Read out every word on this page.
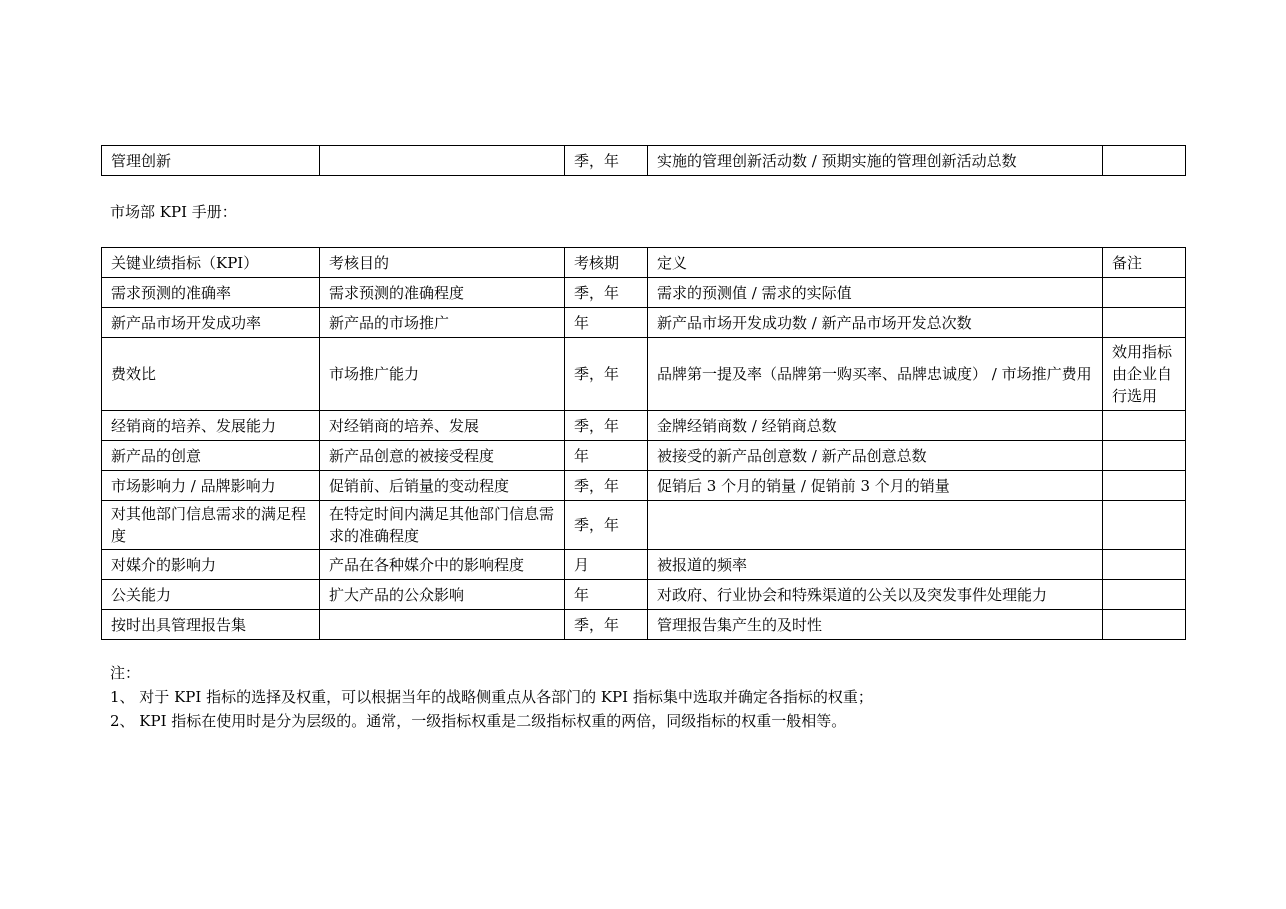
管理创新		季，年	实施的管理创新活动数 / 预期实施的管理创新活动总数	
市场部 KPI 手册：
关键业绩指标（KPI）	考核目的	考核期	定义	备注
需求预测的准确率	需求预测的准确程度	季，年	需求的预测值 / 需求的实际值	
新产品市场开发成功率	新产品的市场推广	年	新产品市场开发成功数 / 新产品市场开发总次数	
费效比	市场推广能力	季，年	品牌第一提及率（品牌第一购买率、品牌忠诚度） / 市场推广费用	效用指标由企业自行选用
经销商的培养、发展能力	对经销商的培养、发展	季，年	金牌经销商数 / 经销商总数	
新产品的创意	新产品创意的被接受程度	年	被接受的新产品创意数 / 新产品创意总数	
市场影响力 / 品牌影响力	促销前、后销量的变动程度	季，年	促销后 3 个月的销量 / 促销前 3 个月的销量	
对其他部门信息需求的满足程度	在特定时间内满足其他部门信息需求的准确程度	季，年		
对媒介的影响力	产品在各种媒介中的影响程度	月	被报道的频率	
公关能力	扩大产品的公众影响	年	对政府、行业协会和特殊渠道的公关以及突发事件处理能力	
按时出具管理报告集		季，年	管理报告集产生的及时性	
注：
1、 对于 KPI 指标的选择及权重，可以根据当年的战略侧重点从各部门的 KPI 指标集中选取并确定各指标的权重；
2、 KPI 指标在使用时是分为层级的。通常，一级指标权重是二级指标权重的两倍，同级指标的权重一般相等。
